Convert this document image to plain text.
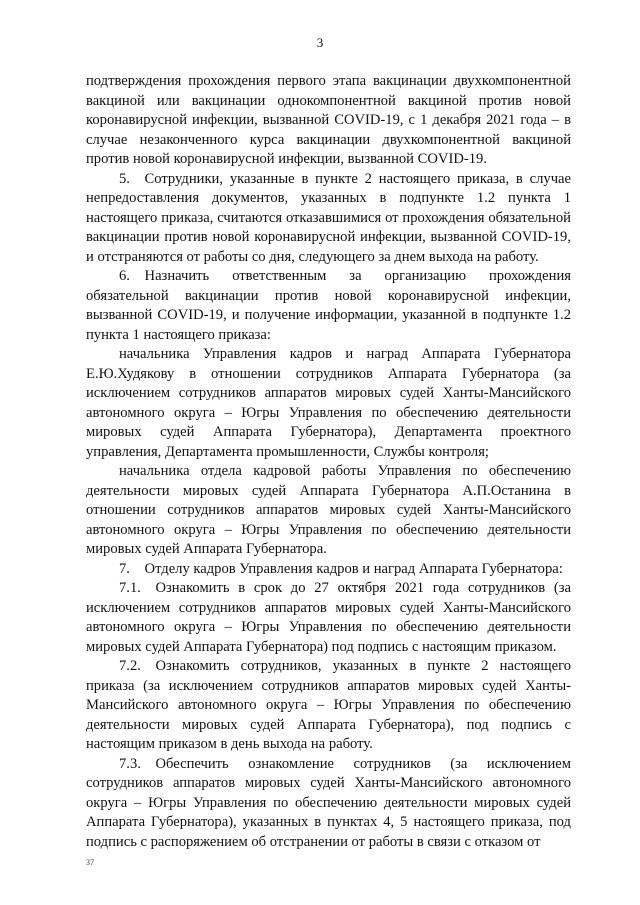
3

подтверждения прохождения первого этапа вакцинации двухкомпонентной вакциной или вакцинации однокомпонентной вакциной против новой коронавирусной инфекции, вызванной COVID-19, с 1 декабря 2021 года – в случае незаконченного курса вакцинации двухкомпонентной вакциной против новой коронавирусной инфекции, вызванной COVID-19.

5. Сотрудники, указанные в пункте 2 настоящего приказа, в случае непредоставления документов, указанных в подпункте 1.2 пункта 1 настоящего приказа, считаются отказавшимися от прохождения обязательной вакцинации против новой коронавирусной инфекции, вызванной COVID-19, и отстраняются от работы со дня, следующего за днем выхода на работу.

6. Назначить ответственным за организацию прохождения обязательной вакцинации против новой коронавирусной инфекции, вызванной COVID-19, и получение информации, указанной в подпункте 1.2 пункта 1 настоящего приказа:

начальника Управления кадров и наград Аппарата Губернатора Е.Ю.Худякову в отношении сотрудников Аппарата Губернатора (за исключением сотрудников аппаратов мировых судей Ханты-Мансийского автономного округа – Югры Управления по обеспечению деятельности мировых судей Аппарата Губернатора), Департамента проектного управления, Департамента промышленности, Службы контроля;

начальника отдела кадровой работы Управления по обеспечению деятельности мировых судей Аппарата Губернатора А.П.Останина в отношении сотрудников аппаратов мировых судей Ханты-Мансийского автономного округа – Югры Управления по обеспечению деятельности мировых судей Аппарата Губернатора.

7. Отделу кадров Управления кадров и наград Аппарата Губернатора:

7.1. Ознакомить в срок до 27 октября 2021 года сотрудников (за исключением сотрудников аппаратов мировых судей Ханты-Мансийского автономного округа – Югры Управления по обеспечению деятельности мировых судей Аппарата Губернатора) под подпись с настоящим приказом.

7.2. Ознакомить сотрудников, указанных в пункте 2 настоящего приказа (за исключением сотрудников аппаратов мировых судей Ханты-Мансийского автономного округа – Югры Управления по обеспечению деятельности мировых судей Аппарата Губернатора), под подпись с настоящим приказом в день выхода на работу.

7.3. Обеспечить ознакомление сотрудников (за исключением сотрудников аппаратов мировых судей Ханты-Мансийского автономного округа – Югры Управления по обеспечению деятельности мировых судей Аппарата Губернатора), указанных в пунктах 4, 5 настоящего приказа, под подпись с распоряжением об отстранении от работы в связи с отказом от

37
